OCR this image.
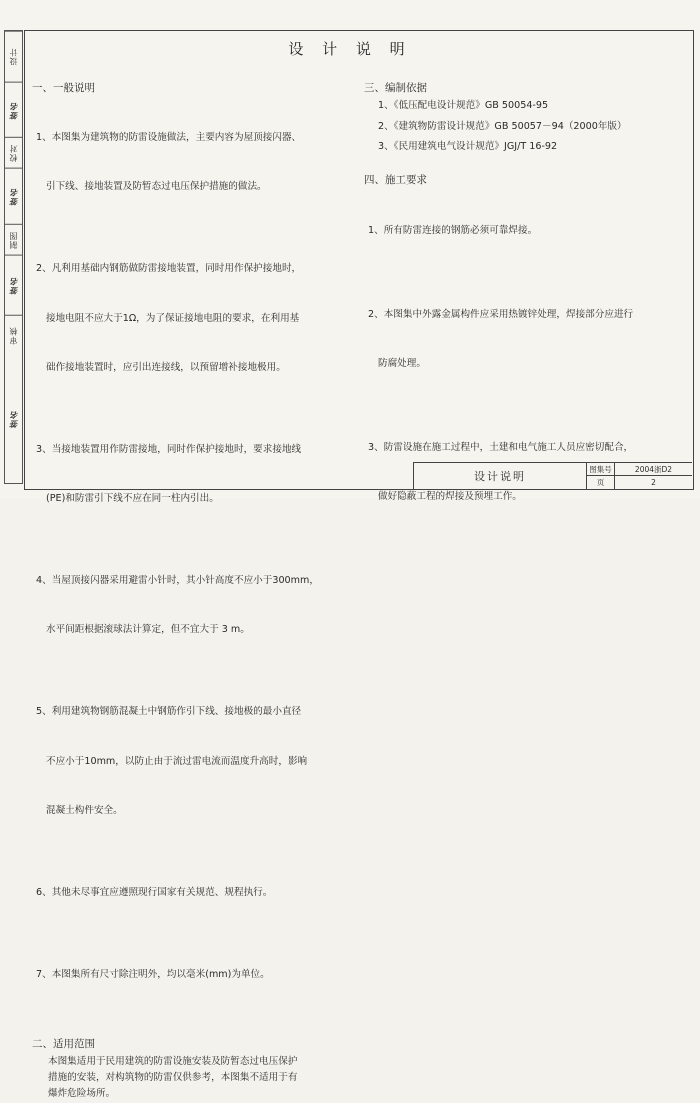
设计
签名
校对
签名
制图
签名
审核
签名
设 计 说 明
一、一般说明

1、本图集为建筑物的防雷设施做法，主要内容为屋顶接闪器、

引下线、接地装置及防暂态过电压保护措施的做法。

2、凡利用基础内钢筋做防雷接地装置，同时用作保护接地时，

接地电阻不应大于1Ω，为了保证接地电阻的要求，在利用基

础作接地装置时，应引出连接线，以预留增补接地极用。

3、当接地装置用作防雷接地，同时作保护接地时，要求接地线

(PE)和防雷引下线不应在同一柱内引出。

4、当屋顶接闪器采用避雷小针时，其小针高度不应小于300mm，

水平间距根据滚球法计算定，但不宜大于 3 m。

5、利用建筑物钢筋混凝土中钢筋作引下线、接地极的最小直径

不应小于10mm，以防止由于流过雷电流而温度升高时，影响

混凝土构件安全。

6、其他未尽事宜应遵照现行国家有关规范、规程执行。

7、本图集所有尺寸除注明外，均以毫米(mm)为单位。

二、适用范围

本图集适用于民用建筑的防雷设施安装及防暂态过电压保护

措施的安装，对构筑物的防雷仅供参考，本图集不适用于有

爆炸危险场所。

三、编制依据

1、《低压配电设计规范》GB 50054-95

2、《建筑物防雷设计规范》GB 50057－94（2000年版）

3、《民用建筑电气设计规范》JGJ/T 16-92

四、施工要求

1、所有防雷连接的钢筋必须可靠焊接。

2、本图集中外露金属构件应采用热镀锌处理，焊接部分应进行

防腐处理。

3、防雷设施在施工过程中，土建和电气施工人员应密切配合，

做好隐蔽工程的焊接及预埋工作。

设计说明
图集号	2004浙D2
页	2
